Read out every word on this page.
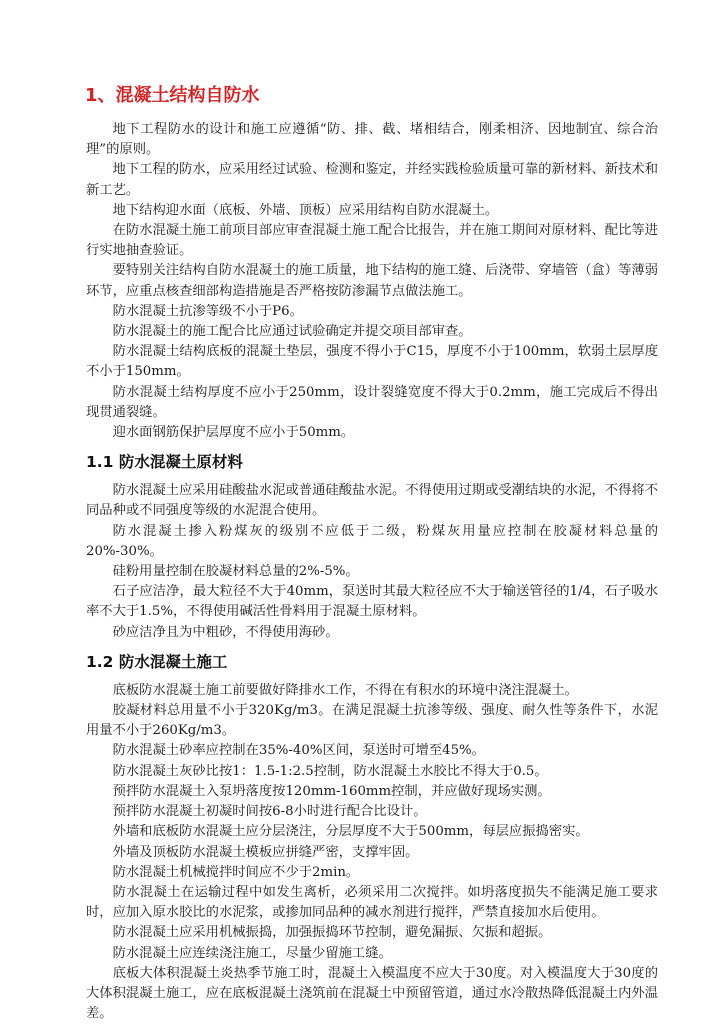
1、混凝土结构自防水

地下工程防水的设计和施工应遵循“防、排、截、堵相结合，刚柔相济、因地制宜、综合治理”的原则。

地下工程的防水，应采用经过试验、检测和鉴定，并经实践检验质量可靠的新材料、新技术和新工艺。

地下结构迎水面（底板、外墙、顶板）应采用结构自防水混凝土。

在防水混凝土施工前项目部应审查混凝土施工配合比报告，并在施工期间对原材料、配比等进行实地抽查验证。

要特别关注结构自防水混凝土的施工质量，地下结构的施工缝、后浇带、穿墙管（盒）等薄弱环节，应重点核查细部构造措施是否严格按防渗漏节点做法施工。

防水混凝土抗渗等级不小于P6。

防水混凝土的施工配合比应通过试验确定并提交项目部审查。

防水混凝土结构底板的混凝土垫层，强度不得小于C15，厚度不小于100mm，软弱土层厚度不小于150mm。

防水混凝土结构厚度不应小于250mm，设计裂缝宽度不得大于0.2mm，施工完成后不得出现贯通裂缝。

迎水面钢筋保护层厚度不应小于50mm。

1.1 防水混凝土原材料

防水混凝土应采用硅酸盐水泥或普通硅酸盐水泥。不得使用过期或受潮结块的水泥，不得将不同品种或不同强度等级的水泥混合使用。

防水混凝土掺入粉煤灰的级别不应低于二级，粉煤灰用量应控制在胶凝材料总量的20%-30%。

硅粉用量控制在胶凝材料总量的2%-5%。

石子应洁净，最大粒径不大于40mm，泵送时其最大粒径应不大于输送管径的1/4，石子吸水率不大于1.5%，不得使用碱活性骨料用于混凝土原材料。

砂应洁净且为中粗砂，不得使用海砂。

1.2 防水混凝土施工

底板防水混凝土施工前要做好降排水工作，不得在有积水的环境中浇注混凝土。

胶凝材料总用量不小于320Kg/m3。在满足混凝土抗渗等级、强度、耐久性等条件下，水泥用量不小于260Kg/m3。

防水混凝土砂率应控制在35%-40%区间，泵送时可增至45%。

防水混凝土灰砂比按1：1.5-1:2.5控制，防水混凝土水胶比不得大于0.5。

预拌防水混凝土入泵坍落度按120mm-160mm控制，并应做好现场实测。

预拌防水混凝土初凝时间按6-8小时进行配合比设计。

外墙和底板防水混凝土应分层浇注，分层厚度不大于500mm，每层应振捣密实。

外墙及顶板防水混凝土模板应拼缝严密，支撑牢固。

防水混凝土机械搅拌时间应不少于2min。

防水混凝土在运输过程中如发生离析，必须采用二次搅拌。如坍落度损失不能满足施工要求时，应加入原水胶比的水泥浆，或掺加同品种的减水剂进行搅拌，严禁直接加水后使用。

防水混凝土应采用机械振捣，加强振捣环节控制，避免漏振、欠振和超振。

防水混凝土应连续浇注施工，尽量少留施工缝。

底板大体积混凝土炎热季节施工时，混凝土入模温度不应大于30度。对入模温度大于30度的大体积混凝土施工，应在底板混凝土浇筑前在混凝土中预留管道，通过水冷散热降低混凝土内外温差。
